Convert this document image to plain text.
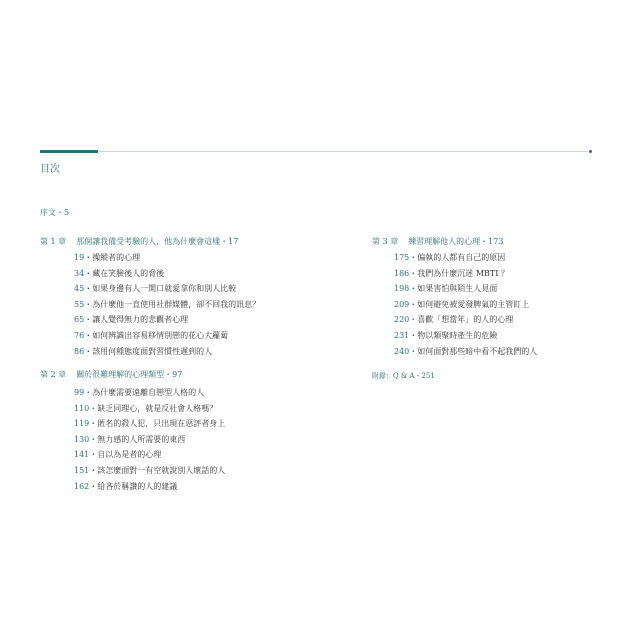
目次
序文・5
第 1 章 那個讓我備受考驗的人，他為什麼會這樣・17
19・操縱者的心理
34・藏在笑臉後人的脅後
45・如果身邊有人一開口就愛拿你和別人比較
55・為什麼他一直使用社群媒體，卻不回我的訊息？
65・讓人覺得無力的悲觀者心理
76・如何辨識出容易移情別戀的花心大蘿蔔
86・該用何種態度面對習慣性遲到的人
第 2 章 關於很難理解的心理類型・97
99・為什麼需要遠離自戀型人格的人
110・缺乏同理心，就是反社會人格嗎？
119・匿名的殺人犯，只出現在惡評者身上
130・無力感的人所需要的東西
141・自以為是者的心理
151・該怎麼面對一有空就說別人壞話的人
162・給吝於稱讚的人的建議
第 3 章 練習理解他人的心理・173
175・偏執的人都有自己的原因
186・我們為什麼沉迷 MBTI ？
198・如果害怕與陌生人見面
209・如何避免被愛發脾氣的主管盯上
220・喜歡「想當年」的人的心理
231・物以類聚時產生的危險
240・如何面對那些暗中看不起我們的人
附錄：Q & A・251
